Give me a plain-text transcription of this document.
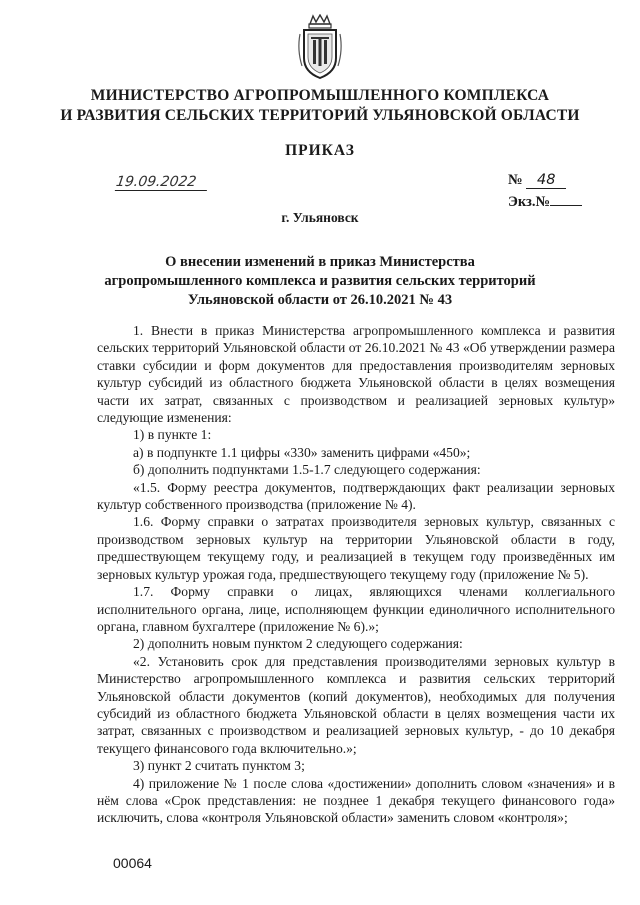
МИНИСТЕРСТВО АГРОПРОМЫШЛЕННОГО КОМПЛЕКСА
И РАЗВИТИЯ СЕЛЬСКИХ ТЕРРИТОРИЙ УЛЬЯНОВСКОЙ ОБЛАСТИ
ПРИКАЗ
19.09.2022	№ 48
Экз.№
г. Ульяновск
О внесении изменений в приказ Министерства
агропромышленного комплекса и развития сельских территорий
Ульяновской области от 26.10.2021 № 43

1. Внести в приказ Министерства агропромышленного комплекса и развития сельских территорий Ульяновской области от 26.10.2021 № 43 «Об утверждении размера ставки субсидии и форм документов для предоставления производителям зерновых культур субсидий из областного бюджета Ульяновской области в целях возмещения части их затрат, связанных с производством и реализацией зерновых культур» следующие изменения:

1) в пункте 1:

а) в подпункте 1.1 цифры «330» заменить цифрами «450»;

б) дополнить подпунктами 1.5-1.7 следующего содержания:

«1.5. Форму реестра документов, подтверждающих факт реализации зерновых культур собственного производства (приложение № 4).

1.6. Форму справки о затратах производителя зерновых культур, связанных с производством зерновых культур на территории Ульяновской области в году, предшествующем текущему году, и реализацией в текущем году произведённых им зерновых культур урожая года, предшествующего текущему году (приложение № 5).

1.7. Форму справки о лицах, являющихся членами коллегиального исполнительного органа, лице, исполняющем функции единоличного исполнительного органа, главном бухгалтере (приложение № 6).»;

2) дополнить новым пунктом 2 следующего содержания:

«2. Установить срок для представления производителями зерновых культур в Министерство агропромышленного комплекса и развития сельских территорий Ульяновской области документов (копий документов), необходимых для получения субсидий из областного бюджета Ульяновской области в целях возмещения части их затрат, связанных с производством и реализацией зерновых культур, - до 10 декабря текущего финансового года включительно.»;

3) пункт 2 считать пунктом 3;

4) приложение № 1 после слова «достижении» дополнить словом «значения» и в нём слова «Срок представления: не позднее 1 декабря текущего финансового года» исключить, слова «контроля Ульяновской области» заменить словом «контроля»;

00064
